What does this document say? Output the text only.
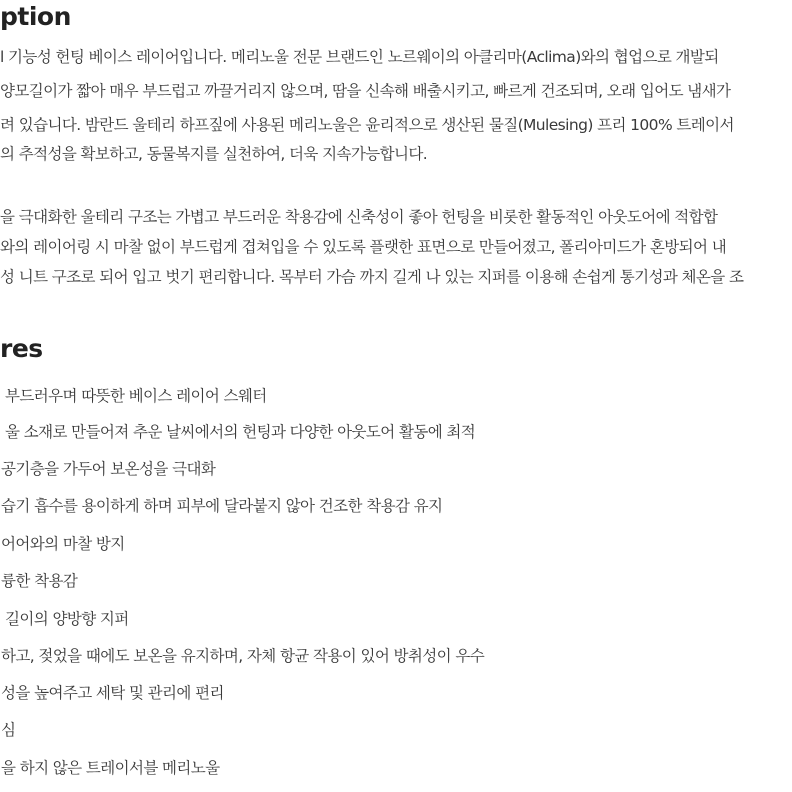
ption

l 기능성 헌팅 베이스 레이어입니다. 메리노울 전문 브랜드인 노르웨이의 아클리마(Aclima)와의 협업으로 개발되

양모길이가 짧아 매우 부드럽고 까끌거리지 않으며, 땀을 신속해 배출시키고, 빠르게 건조되며, 오래 입어도 냄새가

려 있습니다. 밤란드 울테리 하프짚에 사용된 메리노울은 윤리적으로 생산된 물질(Mulesing) 프리 100% 트레이서

의 추적성을 확보하고, 동물복지를 실천하여, 더욱 지속가능합니다.

을 극대화한 울테리 구조는 가볍고 부드러운 착용감에 신축성이 좋아 헌팅을 비롯한 활동적인 아웃도어에 적합합

와의 레이어링 시 마찰 없이 부드럽게 겹쳐입을 수 있도록 플랫한 표면으로 만들어졌고, 폴리아미드가 혼방되어 내

성 니트 구조로 되어 입고 벗기 편리합니다. 목부터 가슴 까지 길게 나 있는 지퍼를 이용해 손쉽게 통기성과 체온을 조

res

부드러우며 따뜻한 베이스 레이어 스웨터

울 소재로 만들어져 추운 날씨에서의 헌팅과 다양한 아웃도어 활동에 최적

공기층을 가두어 보온성을 극대화

습기 흡수를 용이하게 하며 피부에 달라붙지 않아 건조한 착용감 유지

어어와의 마찰 방지

륭한 착용감

길이의 양방향 지퍼

하고, 젖었을 때에도 보온을 유지하며, 자체 항균 작용이 있어 방취성이 우수

성을 높여주고 세탁 및 관리에 편리

심

을 하지 않은 트레이서블 메리노울
